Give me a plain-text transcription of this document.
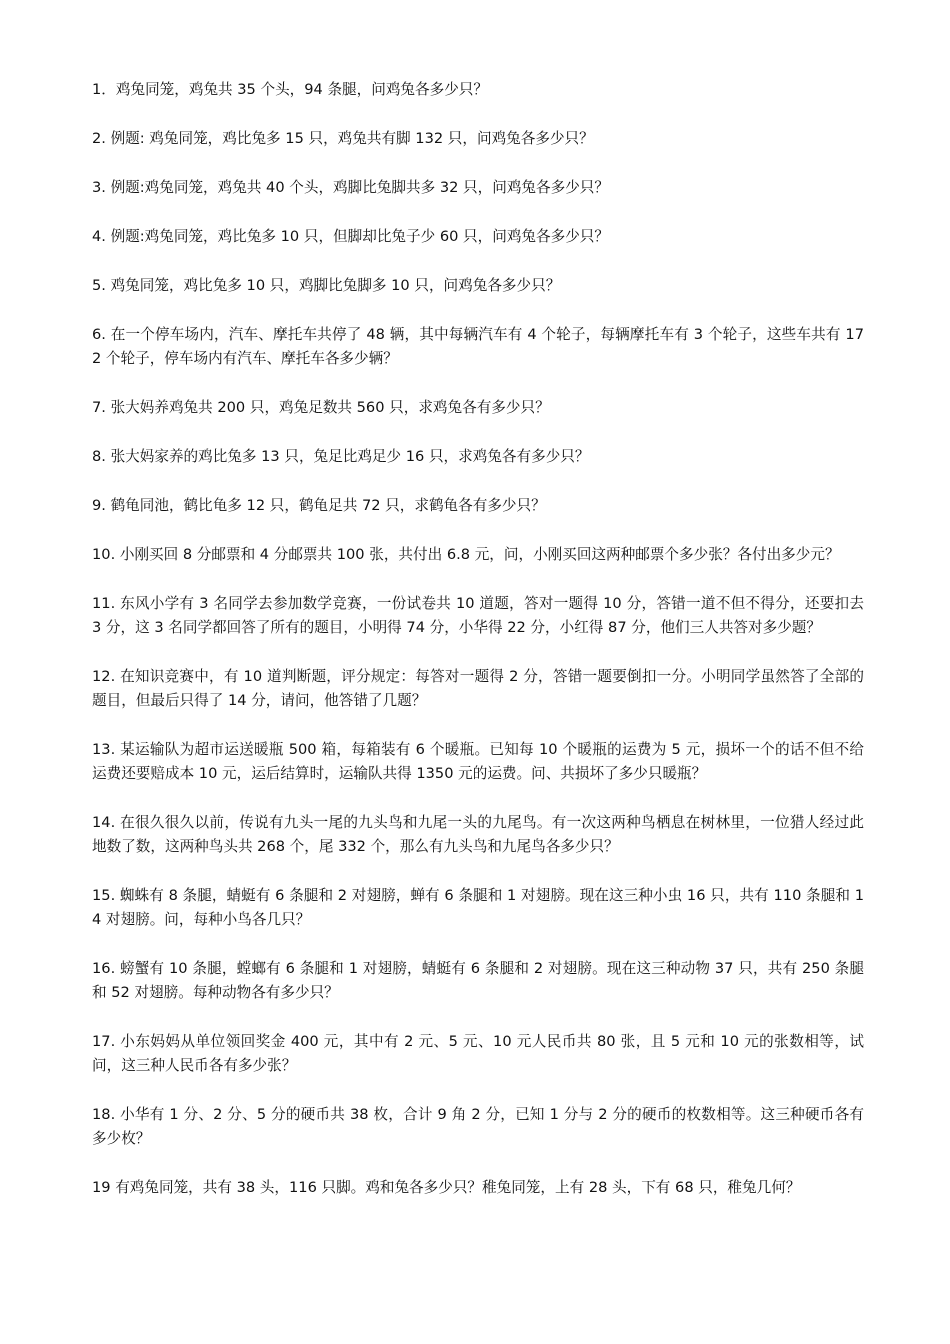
1．鸡兔同笼，鸡兔共 35 个头，94 条腿，问鸡兔各多少只？
2. 例题: 鸡兔同笼，鸡比兔多 15 只，鸡兔共有脚 132 只，问鸡兔各多少只？
3. 例题:鸡兔同笼，鸡兔共 40 个头，鸡脚比兔脚共多 32 只，问鸡兔各多少只？
4. 例题:鸡兔同笼，鸡比兔多 10 只，但脚却比兔子少 60 只，问鸡兔各多少只？
5. 鸡兔同笼，鸡比兔多 10 只，鸡脚比兔脚多 10 只，问鸡兔各多少只？
6. 在一个停车场内，汽车、摩托车共停了 48 辆，其中每辆汽车有 4 个轮子，每辆摩托车有 3 个轮子，这些车共有 172 个轮子，停车场内有汽车、摩托车各多少辆？
7. 张大妈养鸡兔共 200 只，鸡兔足数共 560 只，求鸡兔各有多少只？
8. 张大妈家养的鸡比兔多 13 只，兔足比鸡足少 16 只，求鸡兔各有多少只？
9. 鹤龟同池，鹤比龟多 12 只，鹤龟足共 72 只，求鹤龟各有多少只？
10. 小刚买回 8 分邮票和 4 分邮票共 100 张，共付出 6.8 元，问，小刚买回这两种邮票个多少张？各付出多少元？
11. 东风小学有 3 名同学去参加数学竞赛，一份试卷共 10 道题，答对一题得 10 分，答错一道不但不得分，还要扣去 3 分，这 3 名同学都回答了所有的题目，小明得 74 分，小华得 22 分，小红得 87 分，他们三人共答对多少题？
12. 在知识竞赛中，有 10 道判断题，评分规定：每答对一题得 2 分，答错一题要倒扣一分。小明同学虽然答了全部的题目，但最后只得了 14 分，请问，他答错了几题？
13. 某运输队为超市运送暖瓶 500 箱，每箱装有 6 个暖瓶。已知每 10 个暖瓶的运费为 5 元，损坏一个的话不但不给运费还要赔成本 10 元，运后结算时，运输队共得 1350 元的运费。问、共损坏了多少只暖瓶？
14. 在很久很久以前，传说有九头一尾的九头鸟和九尾一头的九尾鸟。有一次这两种鸟栖息在树林里，一位猎人经过此地数了数，这两种鸟头共 268 个，尾 332 个，那么有九头鸟和九尾鸟各多少只？
15. 蜘蛛有 8 条腿，蜻蜓有 6 条腿和 2 对翅膀，蝉有 6 条腿和 1 对翅膀。现在这三种小虫 16 只，共有 110 条腿和 14 对翅膀。问，每种小鸟各几只？
16. 螃蟹有 10 条腿，螳螂有 6 条腿和 1 对翅膀，蜻蜓有 6 条腿和 2 对翅膀。现在这三种动物 37 只，共有 250 条腿和 52 对翅膀。每种动物各有多少只？
17. 小东妈妈从单位领回奖金 400 元，其中有 2 元、5 元、10 元人民币共 80 张，且 5 元和 10 元的张数相等，试问，这三种人民币各有多少张？
18. 小华有 1 分、2 分、5 分的硬币共 38 枚，合计 9 角 2 分，已知 1 分与 2 分的硬币的枚数相等。这三种硬币各有多少枚？
19 有鸡兔同笼，共有 38 头，116 只脚。鸡和兔各多少只？稚兔同笼，上有 28 头，下有 68 只，稚兔几何？
